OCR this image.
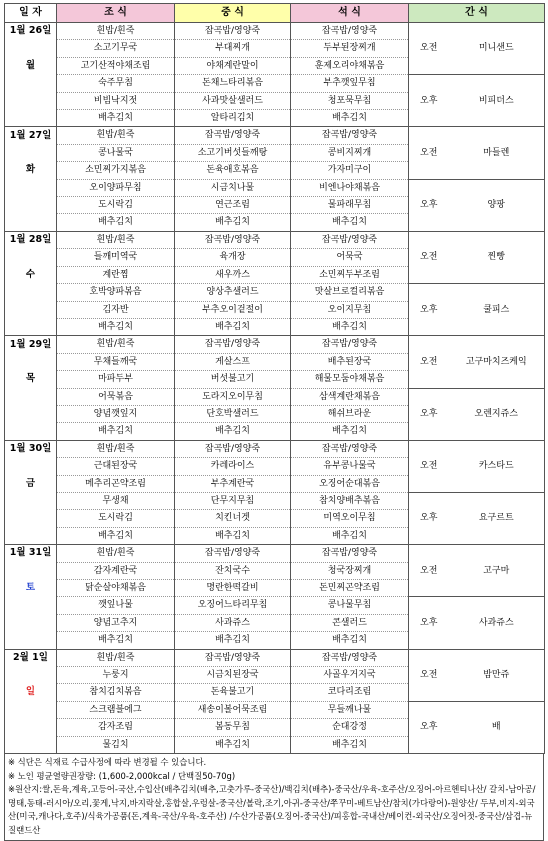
일 자	조 식	중 식	석 식	간 식	
1월 26일	흰밥/흰죽	잡곡밥/영양죽	잡곡밥/영양죽	오전	미니샌드
	소고기무국	부대찌개	두부된장찌개		
월	고기산적야채조림	야채계란말이	훈제오리야채볶음		
	숙주무침	돈채느타리볶음	부추깻잎무침	오후	비피더스
	비빔낙지젓	사과맛살샐러드	청포묵무침		
	배추김치	알타리김치	배추김치		
1월 27일	흰밥/흰죽	잡곡밥/영양죽	잡곡밥/영양죽	오전	마들렌
	콩나물국	소고기버섯들깨탕	콩비지찌개		
화	소민찌가지볶음	돈육애호볶음	가자미구이		
	오이양파무침	시금치나물	비엔나야채볶음	오후	양팡
	도시락김	연근조림	물파래무침		
	배추김치	배추김치	배추김치		
1월 28일	흰밥/흰죽	잡곡밥/영양죽	잡곡밥/영양죽	오전	찐빵
	들깨미역국	육개장	어묵국		
수	계란찜	새우까스	소민찌두부조림		
	호박양파볶음	양상추샐러드	맛살브로컬리볶음	오후	쿨피스
	김자반	부추오이겉절이	오이지무침		
	배추김치	배추김치	배추김치		
1월 29일	흰밥/흰죽	잡곡밥/영양죽	잡곡밥/영양죽	오전	고구마치즈케익
	무채들깨국	게살스프	배추된장국		
목	마파두부	버섯불고기	해물모둠야채볶음		
	어묵볶음	도라지오이무침	삼색계란채볶음	오후	오렌지쥬스
	양념깻잎지	단호박샐러드	해쉬브라운		
	배추김치	배추김치	배추김치		
1월 30일	흰밥/흰죽	잡곡밥/영양죽	잡곡밥/영양죽	오전	카스타드
	근대된장국	카레라이스	유부콩나물국		
금	메추리곤약조림	부추계란국	오징어순대볶음		
	무생채	단무지무침	참치양배추볶음	오후	요구르트
	도시락김	치킨너겟	미역오이무침		
	배추김치	배추김치	배추김치		
1월 31일	흰밥/흰죽	잡곡밥/영양죽	잡곡밥/영양죽	오전	고구마
	감자계란국	잔치국수	청국장찌개		
토	닭순살야채볶음	명란한떡갈비	돈민찌곤약조림		
	깻잎나물	오징어느타리무침	콩나물무침	오후	사과쥬스
	양념고추지	사과쥬스	콘샐러드		
	배추김치	배추김치	배추김치		
2월 1일	흰밥/흰죽	잡곡밥/영양죽	잡곡밥/영양죽	오전	밤만쥬
	누룽지	시금치된장국	사골우거지국		
일	참치김치볶음	돈육불고기	코다리조림		
	스크램블에그	새송이볼어묵조림	무들깨나물	오후	배
	감자조림	봄동무침	순대강정		
	물김치	배추김치	배추김치		
※ 식단은 식재료 수급사정에 따라 변경될 수 있습니다.
※ 노인 평균열량권장량: (1,600-2,000kcal / 단백질50-70g)
※원산지:쌀,돈육,계육,고등어-국산,수입산(배추김치(배추,고춧가루-중국산)/백김치(배추)-중국산/우육-호주산/오징어-아르헨티나산/ 갈치-남아공/명태,동태-러시아/오리,꽃게,낙지,바지락살,홍합살,우렁살-중국산/볼락,조기,아귀-중국산/쭈꾸미-베트남산/참치(가다랑어)-원양산/ 두부,비지-외국산(미국,캐나다,호주)/식육가공품(돈,계육-국산/우육-호주산) /수산가공품(오징어-중국산)/피홍합-국내산/베이컨-외국산/오징어젓-중국산/삼겹-뉴질랜드산
